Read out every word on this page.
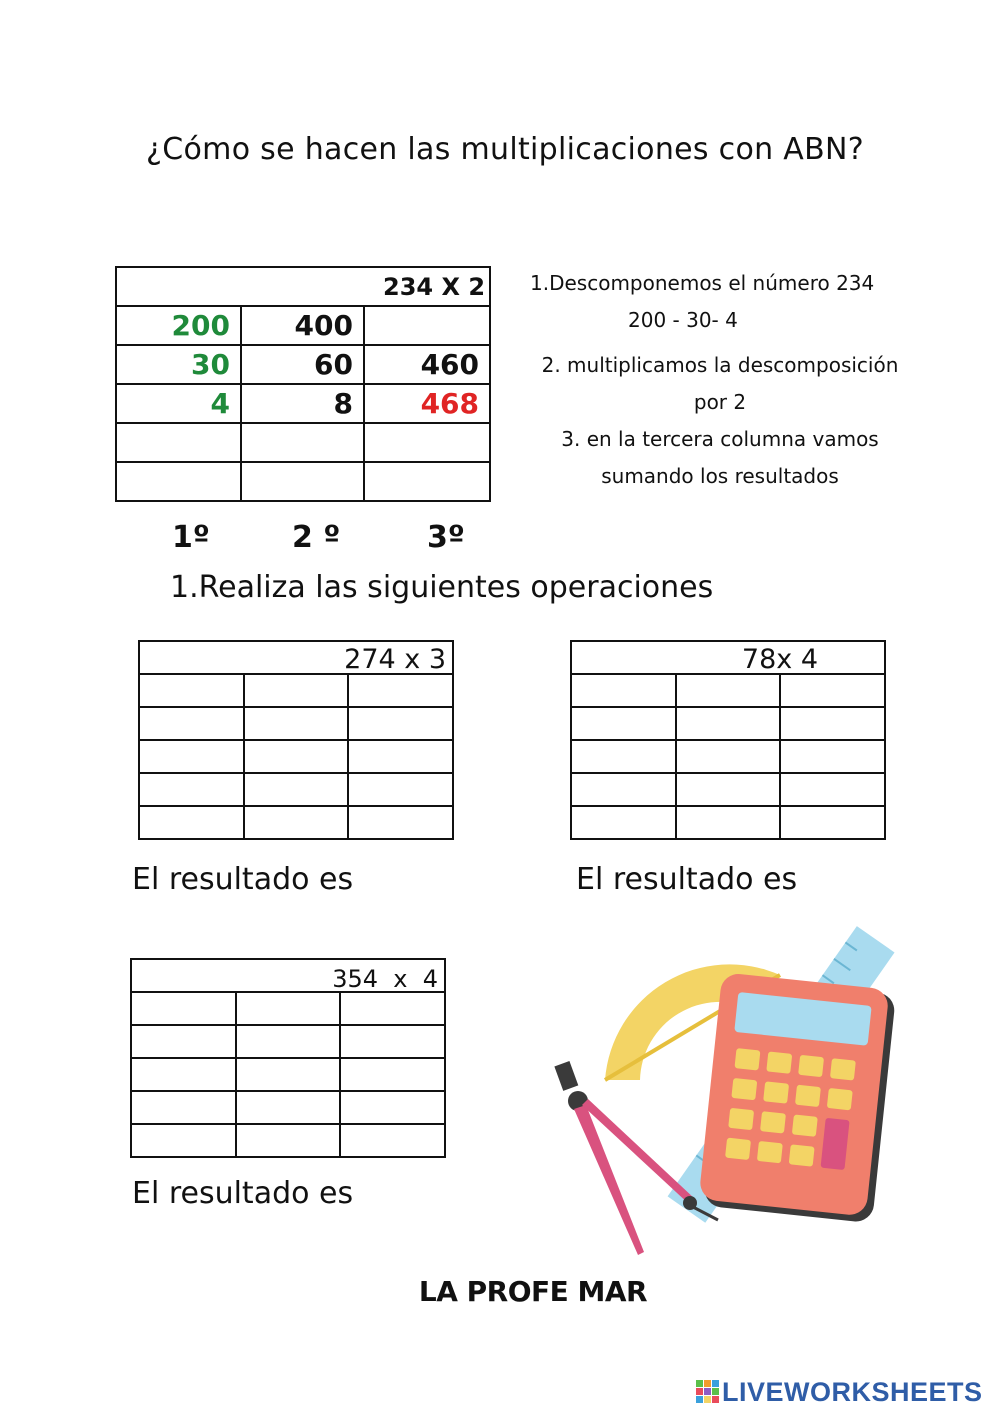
¿Cómo se hacen las multiplicaciones con ABN?
234 X 2		
200	400	
30	60	460
4	8	468

1º	2 º	3º
1.Descomponemos el número 234
200 - 30- 4
2. multiplicamos la descomposición
por 2
3. en la tercera columna vamos
sumando los resultados
1.Realiza las siguientes operaciones
274 x 3		

El resultado es
78x 4		

El resultado es
354  x  4		

El resultado es
LA PROFE MAR
LIVEWORKSHEETS
